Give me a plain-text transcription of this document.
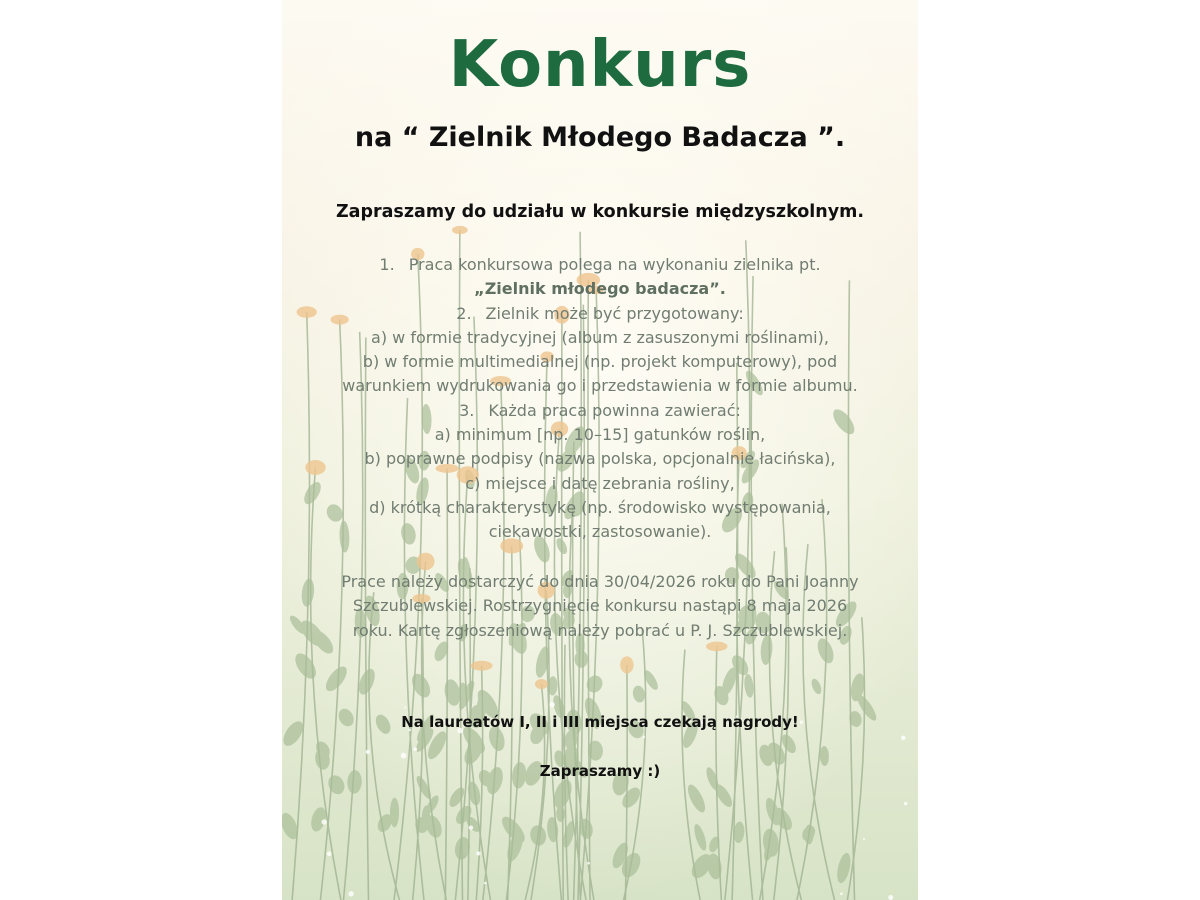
Konkurs
na “ Zielnik Młodego Badacza ”.
Zapraszamy do udziału w konkursie międzyszkolnym.
1. Praca konkursowa polega na wykonaniu zielnika pt. „Zielnik młodego badacza”.
2. Zielnik może być przygotowany:
a) w formie tradycyjnej (album z zasuszonymi roślinami),
b) w formie multimedialnej (np. projekt komputerowy), pod warunkiem wydrukowania go i przedstawienia w formie albumu.
3. Każda praca powinna zawierać:
a) minimum [np. 10–15] gatunków roślin,
b) poprawne podpisy (nazwa polska, opcjonalnie łacińska),
c) miejsce i datę zebrania rośliny,
d) krótką charakterystykę (np. środowisko występowania, ciekawostki, zastosowanie).
Prace należy dostarczyć do dnia 30/04/2026 roku do Pani Joanny Szczublewskiej. Rostrzygnięcie konkursu nastąpi 8 maja 2026 roku. Kartę zgłoszeniową należy pobrać u P. J. Szczublewskiej.
Na laureatów I, II i III miejsca czekają nagrody!
Zapraszamy :)
